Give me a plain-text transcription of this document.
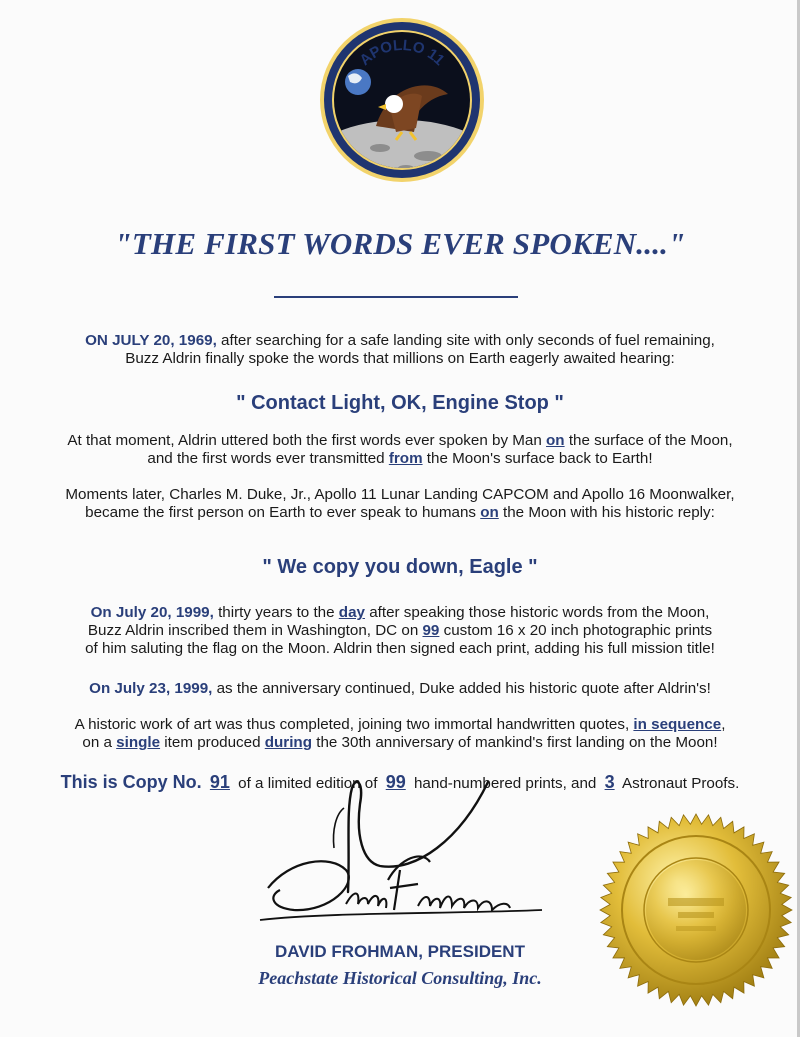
APOLLO 11
"THE FIRST WORDS EVER SPOKEN...."
ON JULY 20, 1969, after searching for a safe landing site with only seconds of fuel remaining,
Buzz Aldrin finally spoke the words that millions on Earth eagerly awaited hearing:
" Contact Light, OK, Engine Stop "
At that moment, Aldrin uttered both the first words ever spoken by Man on the surface of the Moon,
and the first words ever transmitted from the Moon's surface back to Earth!
Moments later, Charles M. Duke, Jr., Apollo 11 Lunar Landing CAPCOM and Apollo 16 Moonwalker,
became the first person on Earth to ever speak to humans on the Moon with his historic reply:
" We copy you down, Eagle "
On July 20, 1999, thirty years to the day after speaking those historic words from the Moon,
Buzz Aldrin inscribed them in Washington, DC on 99 custom 16 x 20 inch photographic prints
of him saluting the flag on the Moon. Aldrin then signed each print, adding his full mission title!
On July 23, 1999, as the anniversary continued, Duke added his historic quote after Aldrin's!
A historic work of art was thus completed, joining two immortal handwritten quotes, in sequence,
on a single item produced during the 30th anniversary of mankind's first landing on the Moon!
This is Copy No. 91 of a limited edition of 99 hand-numbered prints, and 3 Astronaut Proofs.
DAVID FROHMAN, PRESIDENT
Peachstate Historical Consulting, Inc.
